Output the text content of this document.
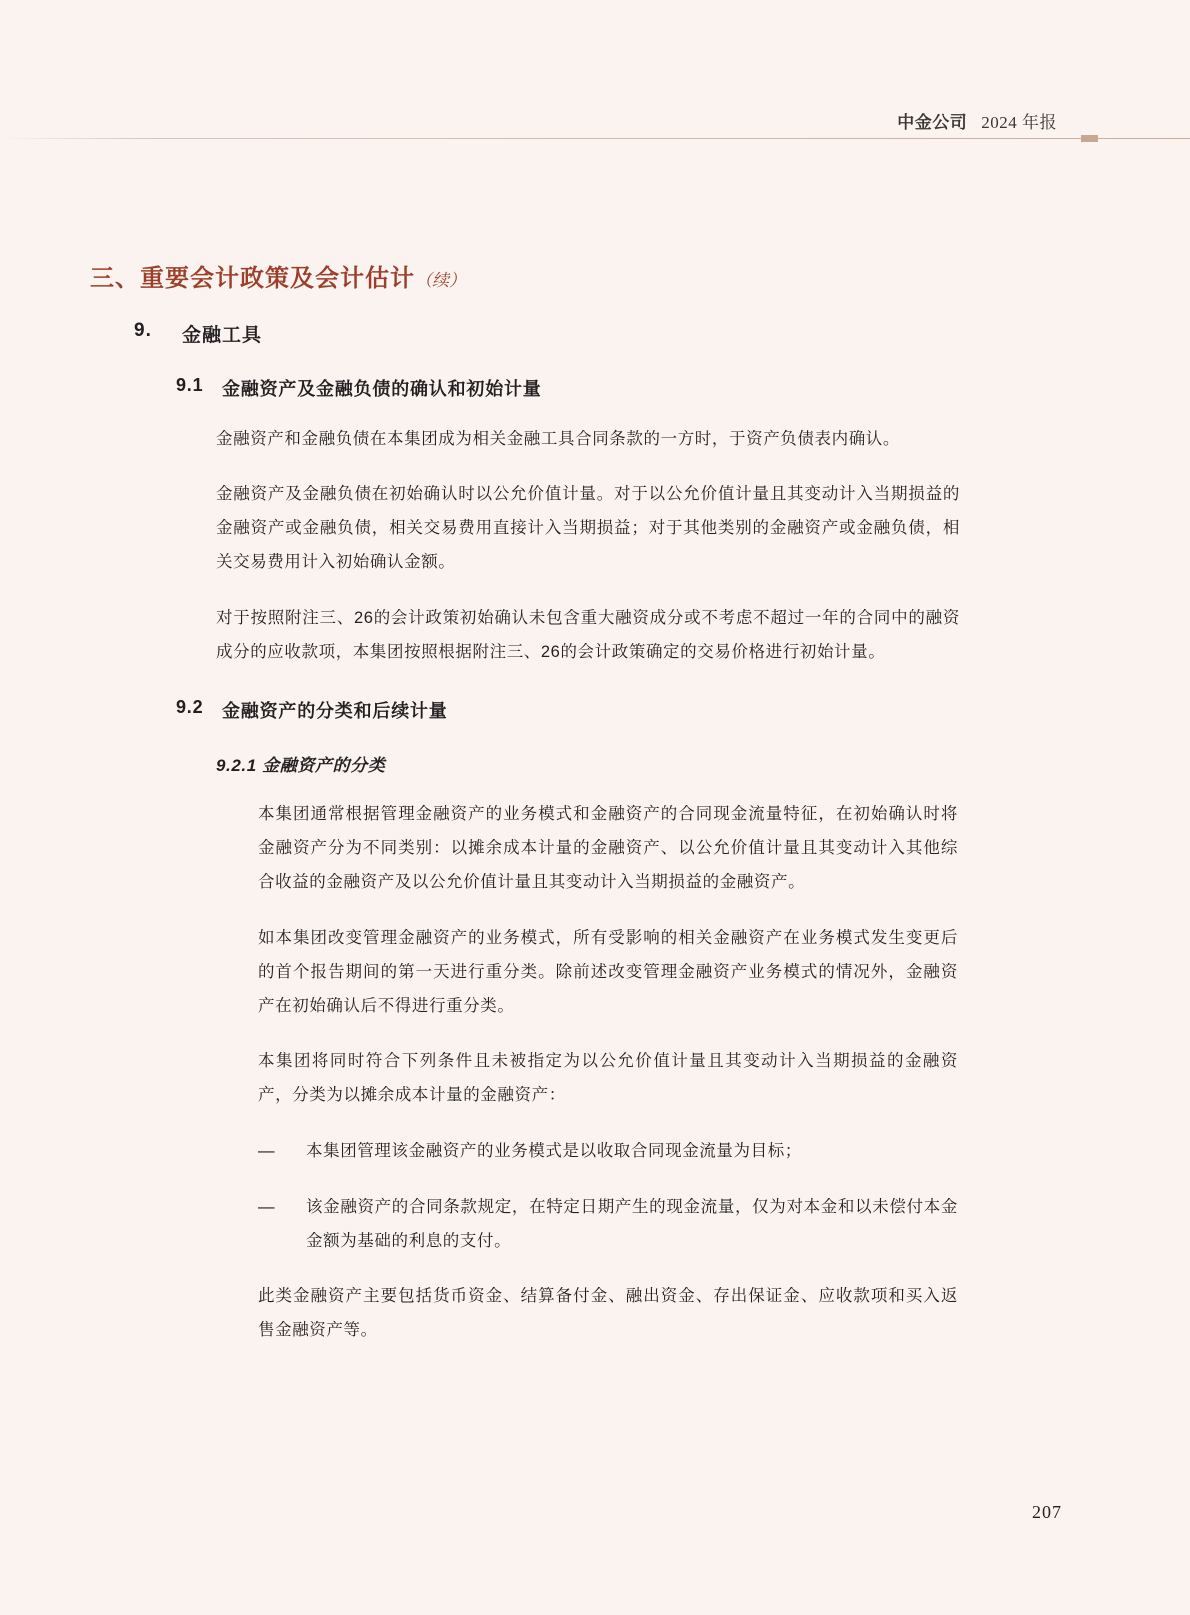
中金公司 2024 年报
三、重要会计政策及会计估计（续）
9.	金融工具
9.1	金融资产及金融负债的确认和初始计量

金融资产和金融负债在本集团成为相关金融工具合同条款的一方时，于资产负债表内确认。

金融资产及金融负债在初始确认时以公允价值计量。对于以公允价值计量且其变动计入当期损益的金融资产或金融负债，相关交易费用直接计入当期损益；对于其他类别的金融资产或金融负债，相关交易费用计入初始确认金额。

对于按照附注三、26的会计政策初始确认未包含重大融资成分或不考虑不超过一年的合同中的融资成分的应收款项，本集团按照根据附注三、26的会计政策确定的交易价格进行初始计量。

9.2	金融资产的分类和后续计量
9.2.1 金融资产的分类

本集团通常根据管理金融资产的业务模式和金融资产的合同现金流量特征，在初始确认时将金融资产分为不同类别：以摊余成本计量的金融资产、以公允价值计量且其变动计入其他综合收益的金融资产及以公允价值计量且其变动计入当期损益的金融资产。

如本集团改变管理金融资产的业务模式，所有受影响的相关金融资产在业务模式发生变更后的首个报告期间的第一天进行重分类。除前述改变管理金融资产业务模式的情况外，金融资产在初始确认后不得进行重分类。

本集团将同时符合下列条件且未被指定为以公允价值计量且其变动计入当期损益的金融资产，分类为以摊余成本计量的金融资产：

—	本集团管理该金融资产的业务模式是以收取合同现金流量为目标；
—	该金融资产的合同条款规定，在特定日期产生的现金流量，仅为对本金和以未偿付本金金额为基础的利息的支付。

此类金融资产主要包括货币资金、结算备付金、融出资金、存出保证金、应收款项和买入返售金融资产等。

207
